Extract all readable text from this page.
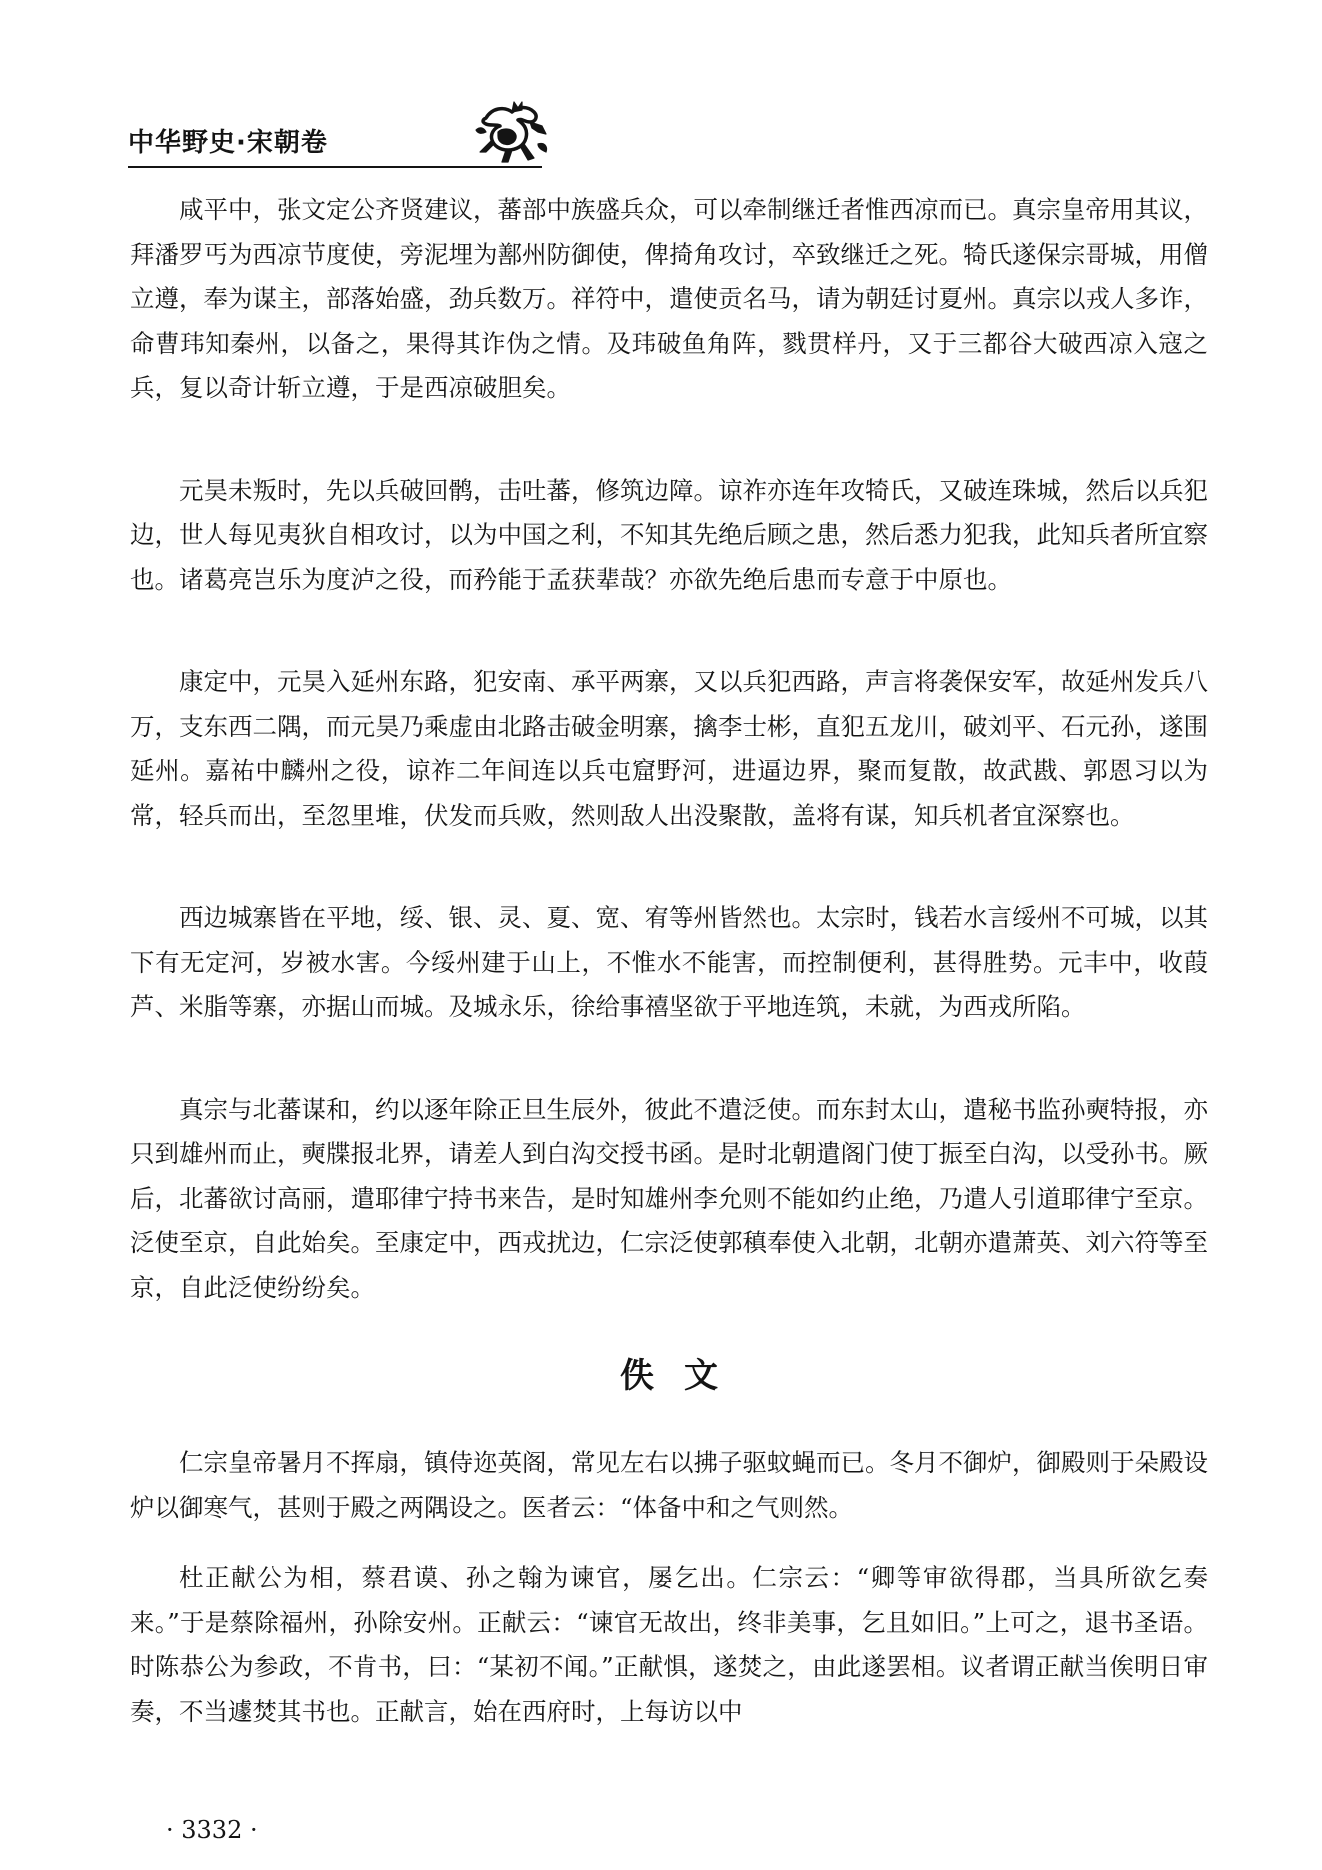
中华野史·宋朝卷

咸平中，张文定公齐贤建议，蕃部中族盛兵众，可以牵制继迁者惟西凉而已。真宗皇帝用其议，拜潘罗丐为西凉节度使，旁泥埋为鄯州防御使，俾掎角攻讨，卒致继迁之死。犄氏遂保宗哥城，用僧立遵，奉为谋主，部落始盛，劲兵数万。祥符中，遣使贡名马，请为朝廷讨夏州。真宗以戎人多诈，命曹玮知秦州，以备之，果得其诈伪之情。及玮破鱼角阵，戮贯样丹，又于三都谷大破西凉入寇之兵，复以奇计斩立遵，于是西凉破胆矣。

元昊未叛时，先以兵破回鹘，击吐蕃，修筑边障。谅祚亦连年攻犄氏，又破连珠城，然后以兵犯边，世人每见夷狄自相攻讨，以为中国之利，不知其先绝后顾之患，然后悉力犯我，此知兵者所宜察也。诸葛亮岂乐为度泸之役，而矜能于孟获辈哉？亦欲先绝后患而专意于中原也。

康定中，元昊入延州东路，犯安南、承平两寨，又以兵犯西路，声言将袭保安军，故延州发兵八万，支东西二隅，而元昊乃乘虚由北路击破金明寨，擒李士彬，直犯五龙川，破刘平、石元孙，遂围延州。嘉祐中麟州之役，谅祚二年间连以兵屯窟野河，进逼边界，聚而复散，故武戡、郭恩习以为常，轻兵而出，至忽里堆，伏发而兵败，然则敌人出没聚散，盖将有谋，知兵机者宜深察也。

西边城寨皆在平地，绥、银、灵、夏、宽、宥等州皆然也。太宗时，钱若水言绥州不可城，以其下有无定河，岁被水害。今绥州建于山上，不惟水不能害，而控制便利，甚得胜势。元丰中，收葭芦、米脂等寨，亦据山而城。及城永乐，徐给事禧坚欲于平地连筑，未就，为西戎所陷。

真宗与北蕃谋和，约以逐年除正旦生辰外，彼此不遣泛使。而东封太山，遣秘书监孙奭特报，亦只到雄州而止，奭牒报北界，请差人到白沟交授书函。是时北朝遣阁门使丁振至白沟，以受孙书。厥后，北蕃欲讨高丽，遣耶律宁持书来告，是时知雄州李允则不能如约止绝，乃遣人引道耶律宁至京。泛使至京，自此始矣。至康定中，西戎扰边，仁宗泛使郭稹奉使入北朝，北朝亦遣萧英、刘六符等至京，自此泛使纷纷矣。

佚文

仁宗皇帝暑月不挥扇，镇侍迩英阁，常见左右以拂子驱蚊蝇而已。冬月不御炉，御殿则于朵殿设炉以御寒气，甚则于殿之两隅设之。医者云：“体备中和之气则然。

杜正献公为相，蔡君谟、孙之翰为谏官，屡乞出。仁宗云：“卿等审欲得郡，当具所欲乞奏来。”于是蔡除福州，孙除安州。正献云：“谏官无故出，终非美事，乞且如旧。”上可之，退书圣语。时陈恭公为参政，不肯书，曰：“某初不闻。”正献惧，遂焚之，由此遂罢相。议者谓正献当俟明日审奏，不当遽焚其书也。正献言，始在西府时，上每访以中

· 3332 ·
